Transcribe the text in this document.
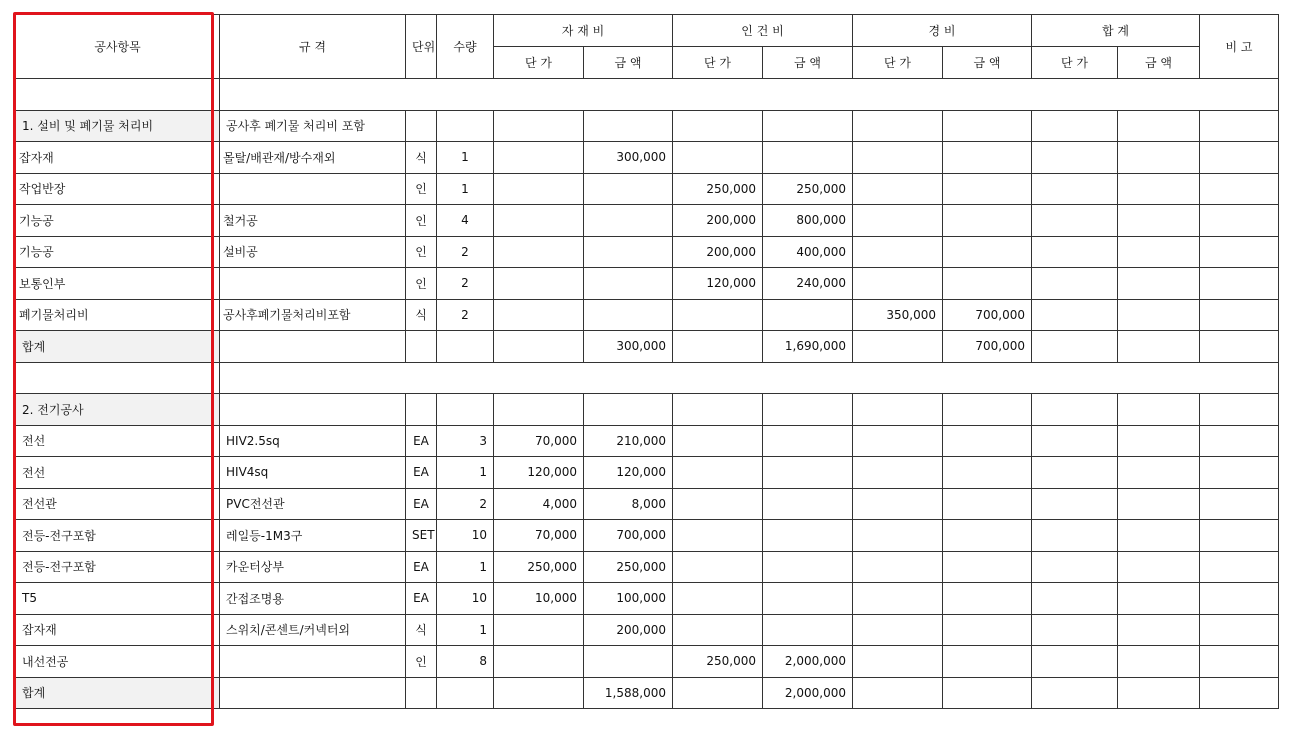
공사항목	규 격	단위	수량	자 재 비		인 건 비		경 비		합 계		비 고
				단 가	금 액	단 가	금 액	단 가	금 액	단 가	금 액	

1. 설비 및 폐기물 처리비	공사후 폐기물 처리비 포함											
잡자재	몰탈/배관재/방수재외	식	1		300,000							
작업반장		인	1			250,000	250,000					
기능공	철거공	인	4			200,000	800,000					
기능공	설비공	인	2			200,000	400,000					
보통인부		인	2			120,000	240,000					
폐기물처리비	공사후폐기물처리비포함	식	2					350,000	700,000			
합계					300,000		1,690,000		700,000			

2. 전기공사												
전선	HIV2.5sq	EA	3	70,000	210,000							
전선	HIV4sq	EA	1	120,000	120,000							
전선관	PVC전선관	EA	2	4,000	8,000							
전등-전구포함	레일등-1M3구	SET	10	70,000	700,000							
전등-전구포함	카운터상부	EA	1	250,000	250,000							
T5	간접조명용	EA	10	10,000	100,000							
잡자재	스위치/콘센트/커넥터외	식	1		200,000							
내선전공		인	8			250,000	2,000,000					
합계					1,588,000		2,000,000					
